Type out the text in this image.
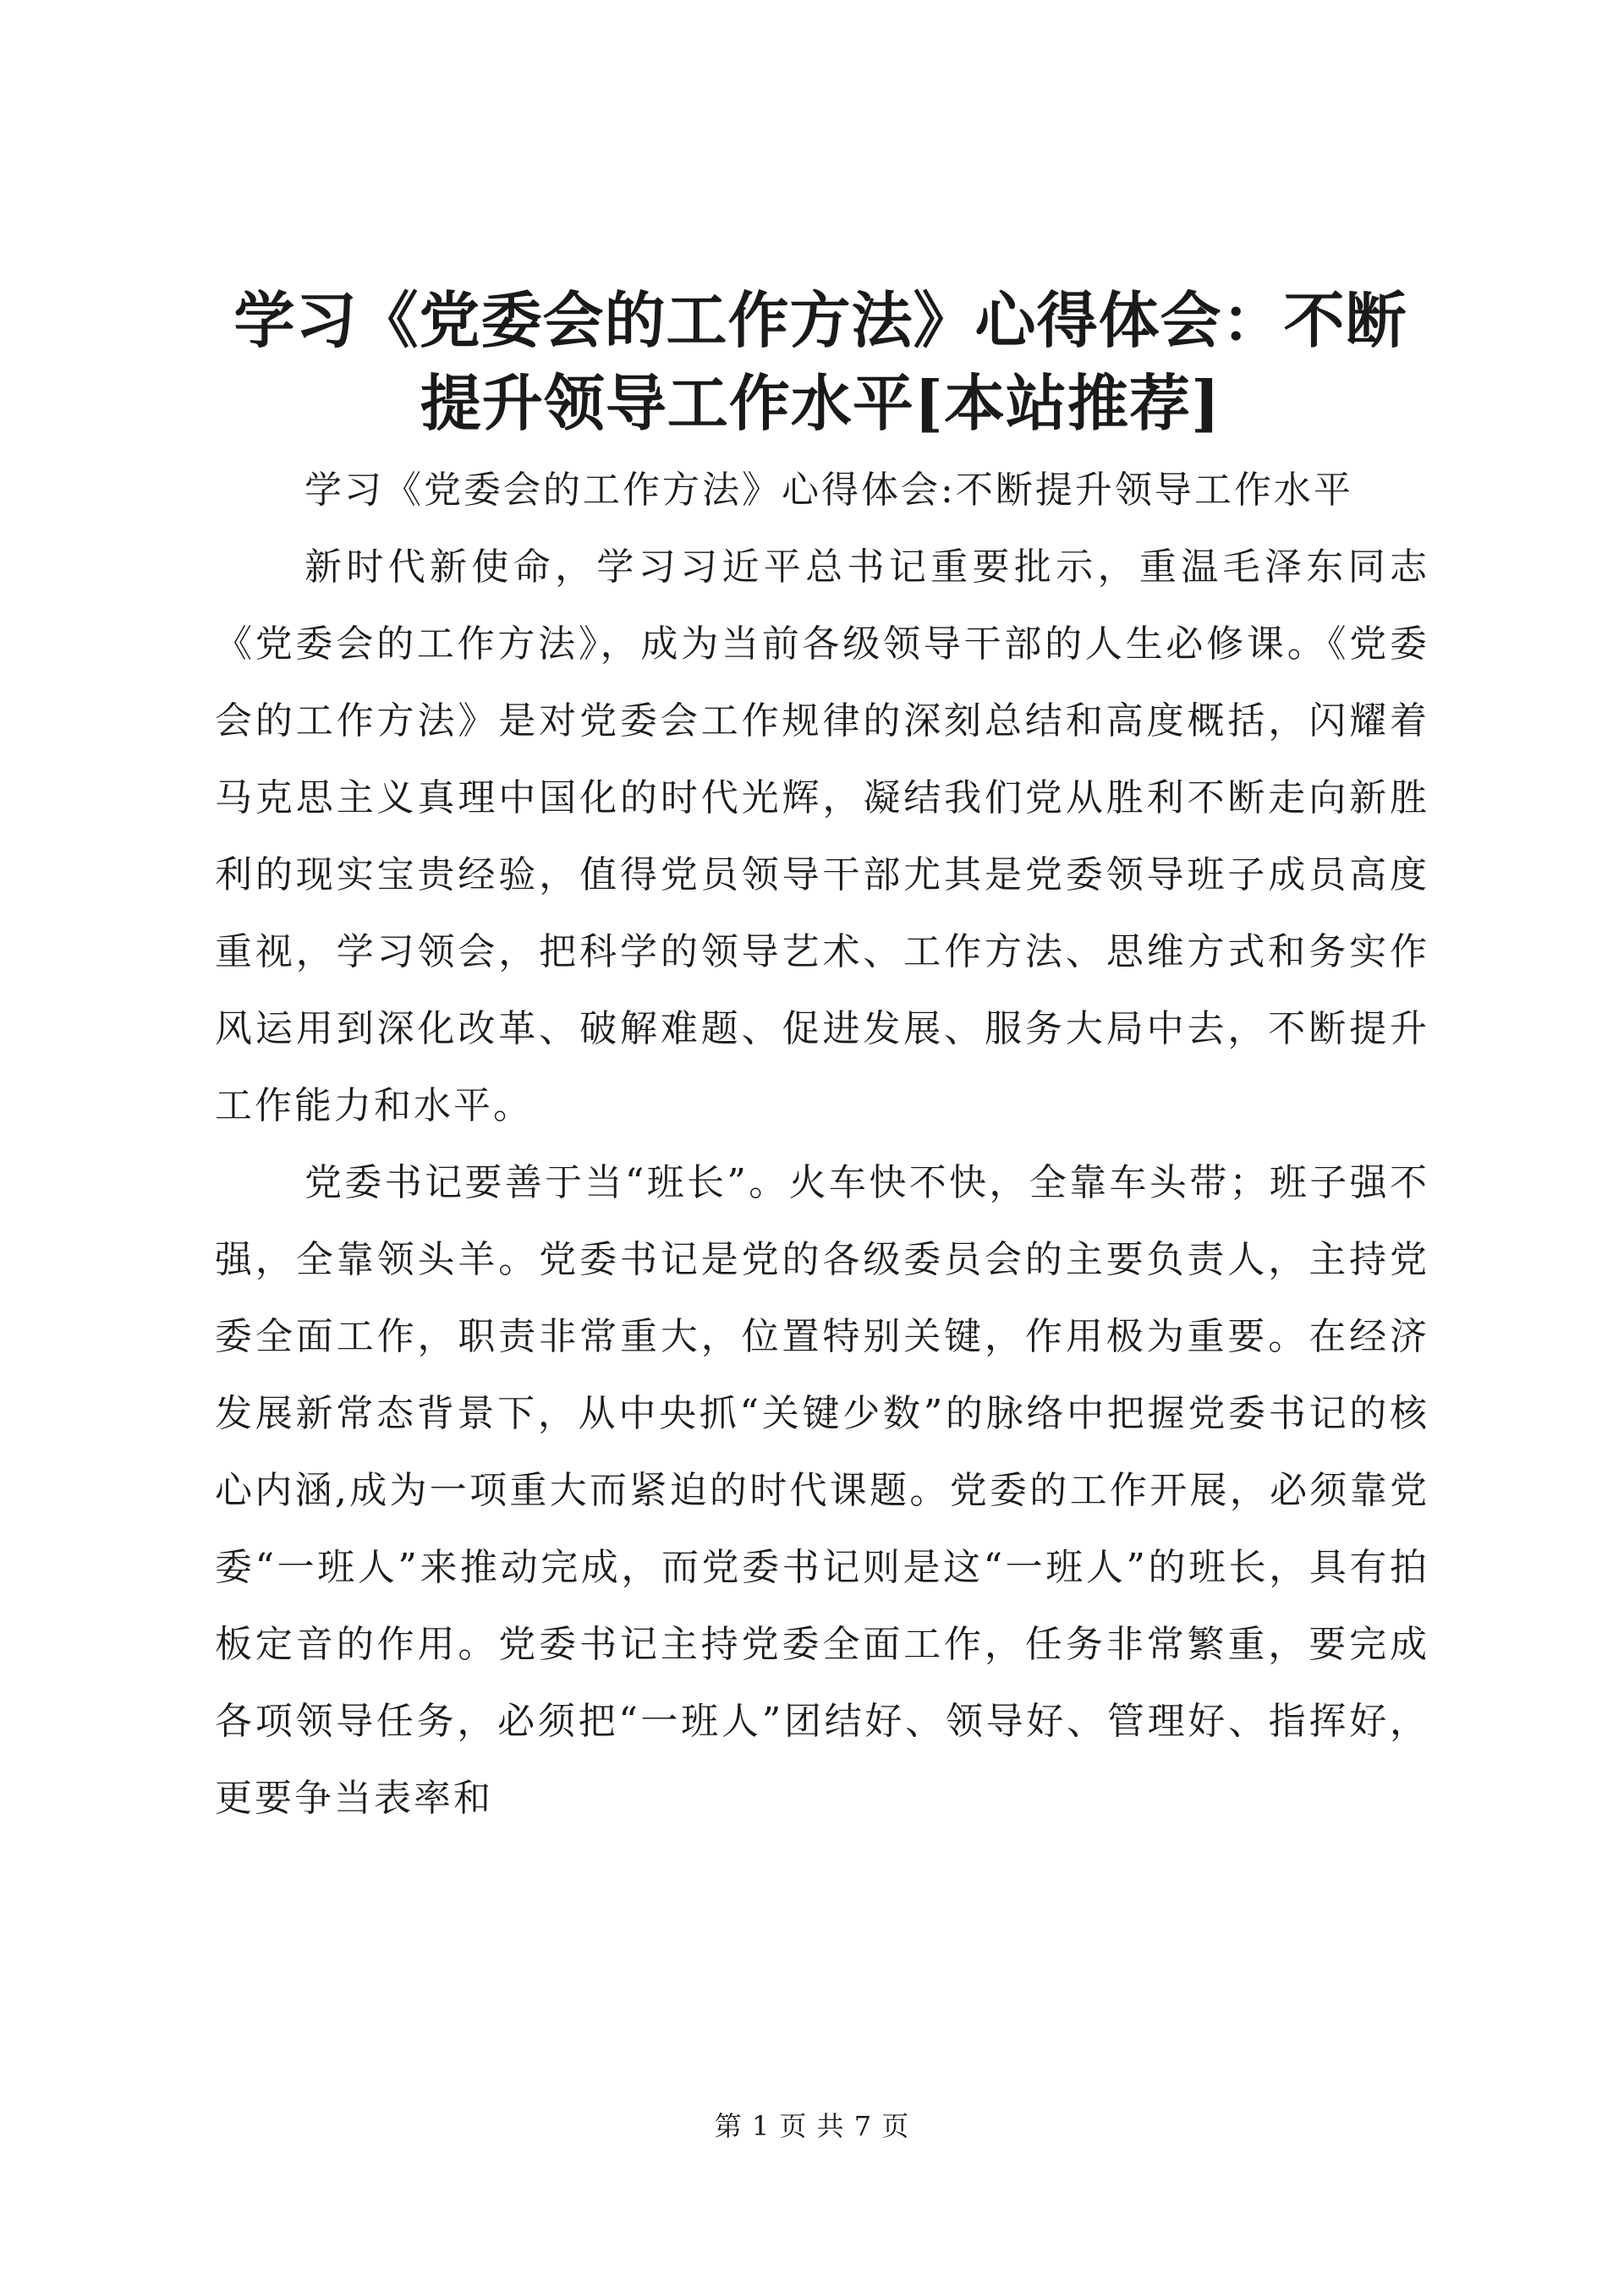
学习《党委会的工作方法》心得体会：不断提升领导工作水平[本站推荐]

学习《党委会的工作方法》心得体会:不断提升领导工作水平

新时代新使命，学习习近平总书记重要批示，重温毛泽东同志《党委会的工作方法》，成为当前各级领导干部的人生必修课。《党委会的工作方法》是对党委会工作规律的深刻总结和高度概括，闪耀着马克思主义真理中国化的时代光辉，凝结我们党从胜利不断走向新胜利的现实宝贵经验，值得党员领导干部尤其是党委领导班子成员高度重视，学习领会，把科学的领导艺术、工作方法、思维方式和务实作风运用到深化改革、破解难题、促进发展、服务大局中去，不断提升工作能力和水平。

党委书记要善于当“班长”。火车快不快，全靠车头带；班子强不强，全靠领头羊。党委书记是党的各级委员会的主要负责人，主持党委全面工作，职责非常重大，位置特别关键，作用极为重要。在经济发展新常态背景下，从中央抓“关键少数”的脉络中把握党委书记的核心内涵,成为一项重大而紧迫的时代课题。党委的工作开展，必须靠党委“一班人”来推动完成，而党委书记则是这“一班人”的班长，具有拍板定音的作用。党委书记主持党委全面工作，任务非常繁重，要完成各项领导任务，必须把“一班人”团结好、领导好、管理好、指挥好，更要争当表率和

第 1 页 共 7 页
